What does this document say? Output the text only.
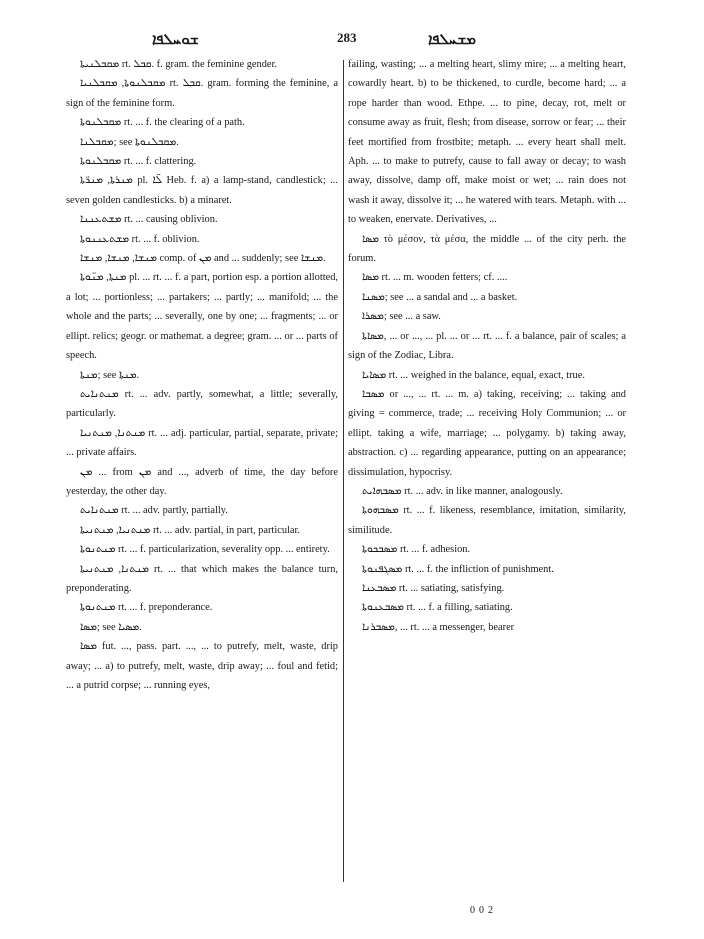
ܫܘܚܠܦܐ	283	ܡܫܚܠܦܐ

ܡܩܒܠܢܝܬܐ rt. ܩܒܠ. f. gram. the feminine gender.

ܡܩܒܠܢܘܬܐ, ܡܩܒܠܢܝܐ rt. ܩܒܠ. gram. forming the feminine, a sign of the feminine form.

ܡܩܒܠܢܘܬܐ rt. ... f. the clearing of a path.

ܡܩܒܠܢܐ; see ܡܩܒܠܢܘܬܐ.

ܡܩܒܠܢܘܬܐ rt. ... f. clattering.

ܡܢܪܬܐ, ܡܢܪ̈ܬܐ pl. ܠ̈ܐ Heb. f. a) a lamp-stand, candlestick; ... seven golden candlesticks. b) a minaret.

ܡܫܬܥܢܢܐ rt. ... causing oblivion.

ܡܫܬܥܢܢܘܬܐ rt. ... f. oblivion.

ܡܢܫܐ, ܡܢܫܐ, ܡܢܫܐ comp. of ܡܢ and ... suddenly; see ܡܢܫܐ.

ܡܢܬܐ, ܡܢ̈ܘܬܐ pl. ... rt. ... f. a part, portion esp. a portion allotted, a lot; ... portionless; ... partakers; ... partly; ... manifold; ... the whole and the parts; ... severally, one by one; ... fragments; ... or ellipt. relics; geogr. or mathemat. a degree; gram. ... or ... parts of speech.

ܡܢܬܐ; see ܡܢܬܐ.

ܡܢܬܢܐܝܬ rt. ... adv. partly, somewhat, a little; severally, particularly.

ܡܢܬܢܐ, ܡܢܬܢܝܐ rt. ... adj. particular, partial, separate, private; ... private affairs.

ܡܢ ... from ܡܢ and ..., adverb of time, the day before yesterday, the other day.

ܡܢܬܢܐܝܬ rt. ... adv. partly, partially.

ܡܢܬܢܝܐ, ܡܢܬܢܝܬܐ rt. ... adv. partial, in part, particular.

ܡܢܬܢܘܬܐ rt. ... f. particularization, severality opp. ... entirety.

ܡܢܬܢܐ, ܡܢܬܢܝܬܐ rt. ... that which makes the balance turn, preponderating.

ܡܢܬܢܘܬܐ rt. ... f. preponderance.

ܡܣܐ; see ܡܣܝܐ.

ܡܣܐ fut. ..., pass. part. ..., ... to putrefy, melt, waste, drip away; ... a) to putrefy, melt, waste, drip away; ... foul and fetid; ... a putrid corpse; ... running eyes,

failing, wasting; ... a melting heart, slimy mire; ... a melting heart, cowardly heart. b) to be thickened, to curdle, become hard; ... a rope harder than wood. Ethpe. ... to pine, decay, rot, melt or consume away as fruit, flesh; from disease, sorrow or fear; ... their feet mortified from frostbite; metaph. ... every heart shall melt. Aph. ... to make to putrefy, cause to fall away or decay; to wash away, dissolve, damp off, make moist or wet; ... rain does not wash it away, dissolve it; ... he watered with tears. Metaph. with ... to weaken, enervate. Derivatives, ...

ܡܣܐ τὸ μέσον, τὰ μέσα, the middle ... of the city perh. the forum.

ܡܣܐ rt. ... m. wooden fetters; cf. ....

ܡܣܢܐ; see ... a sandal and ... a basket.

ܡܣܪܐ; see ... a saw.

ܡܣܐܬܐ, ... or ..., ... pl. ... or ... rt. ... f. a balance, pair of scales; a sign of the Zodiac, Libra.

ܡܣܐܝܐ rt. ... weighed in the balance, equal, exact, true.

ܡܣܒܐ or ..., ... rt. ... m. a) taking, receiving; ... taking and giving = commerce, trade; ... receiving Holy Communion; ... or ellipt. taking a wife, marriage; ... polygamy. b) taking away, abstraction. c) ... regarding appearance, putting on an appearance; dissimulation, hypocrisy.

ܡܣܒܗܐܝܬ rt. ... adv. in like manner, analogously.

ܡܣܒܗܘܬܐ rt. ... f. likeness, resemblance, imitation, similarity, similitude.

ܡܣܒܟܘܬܐ rt. ... f. adhesion.

ܡܣܓܦܢܘܬܐ rt. ... f. the infliction of punishment.

ܡܣܒܥܢܐ rt. ... satiating, satisfying.

ܡܣܒܥܢܘܬܐ rt. ... f. a filling, satiating.

ܡܣܒܪܢܐ, ... rt. ... a messenger, bearer

002
